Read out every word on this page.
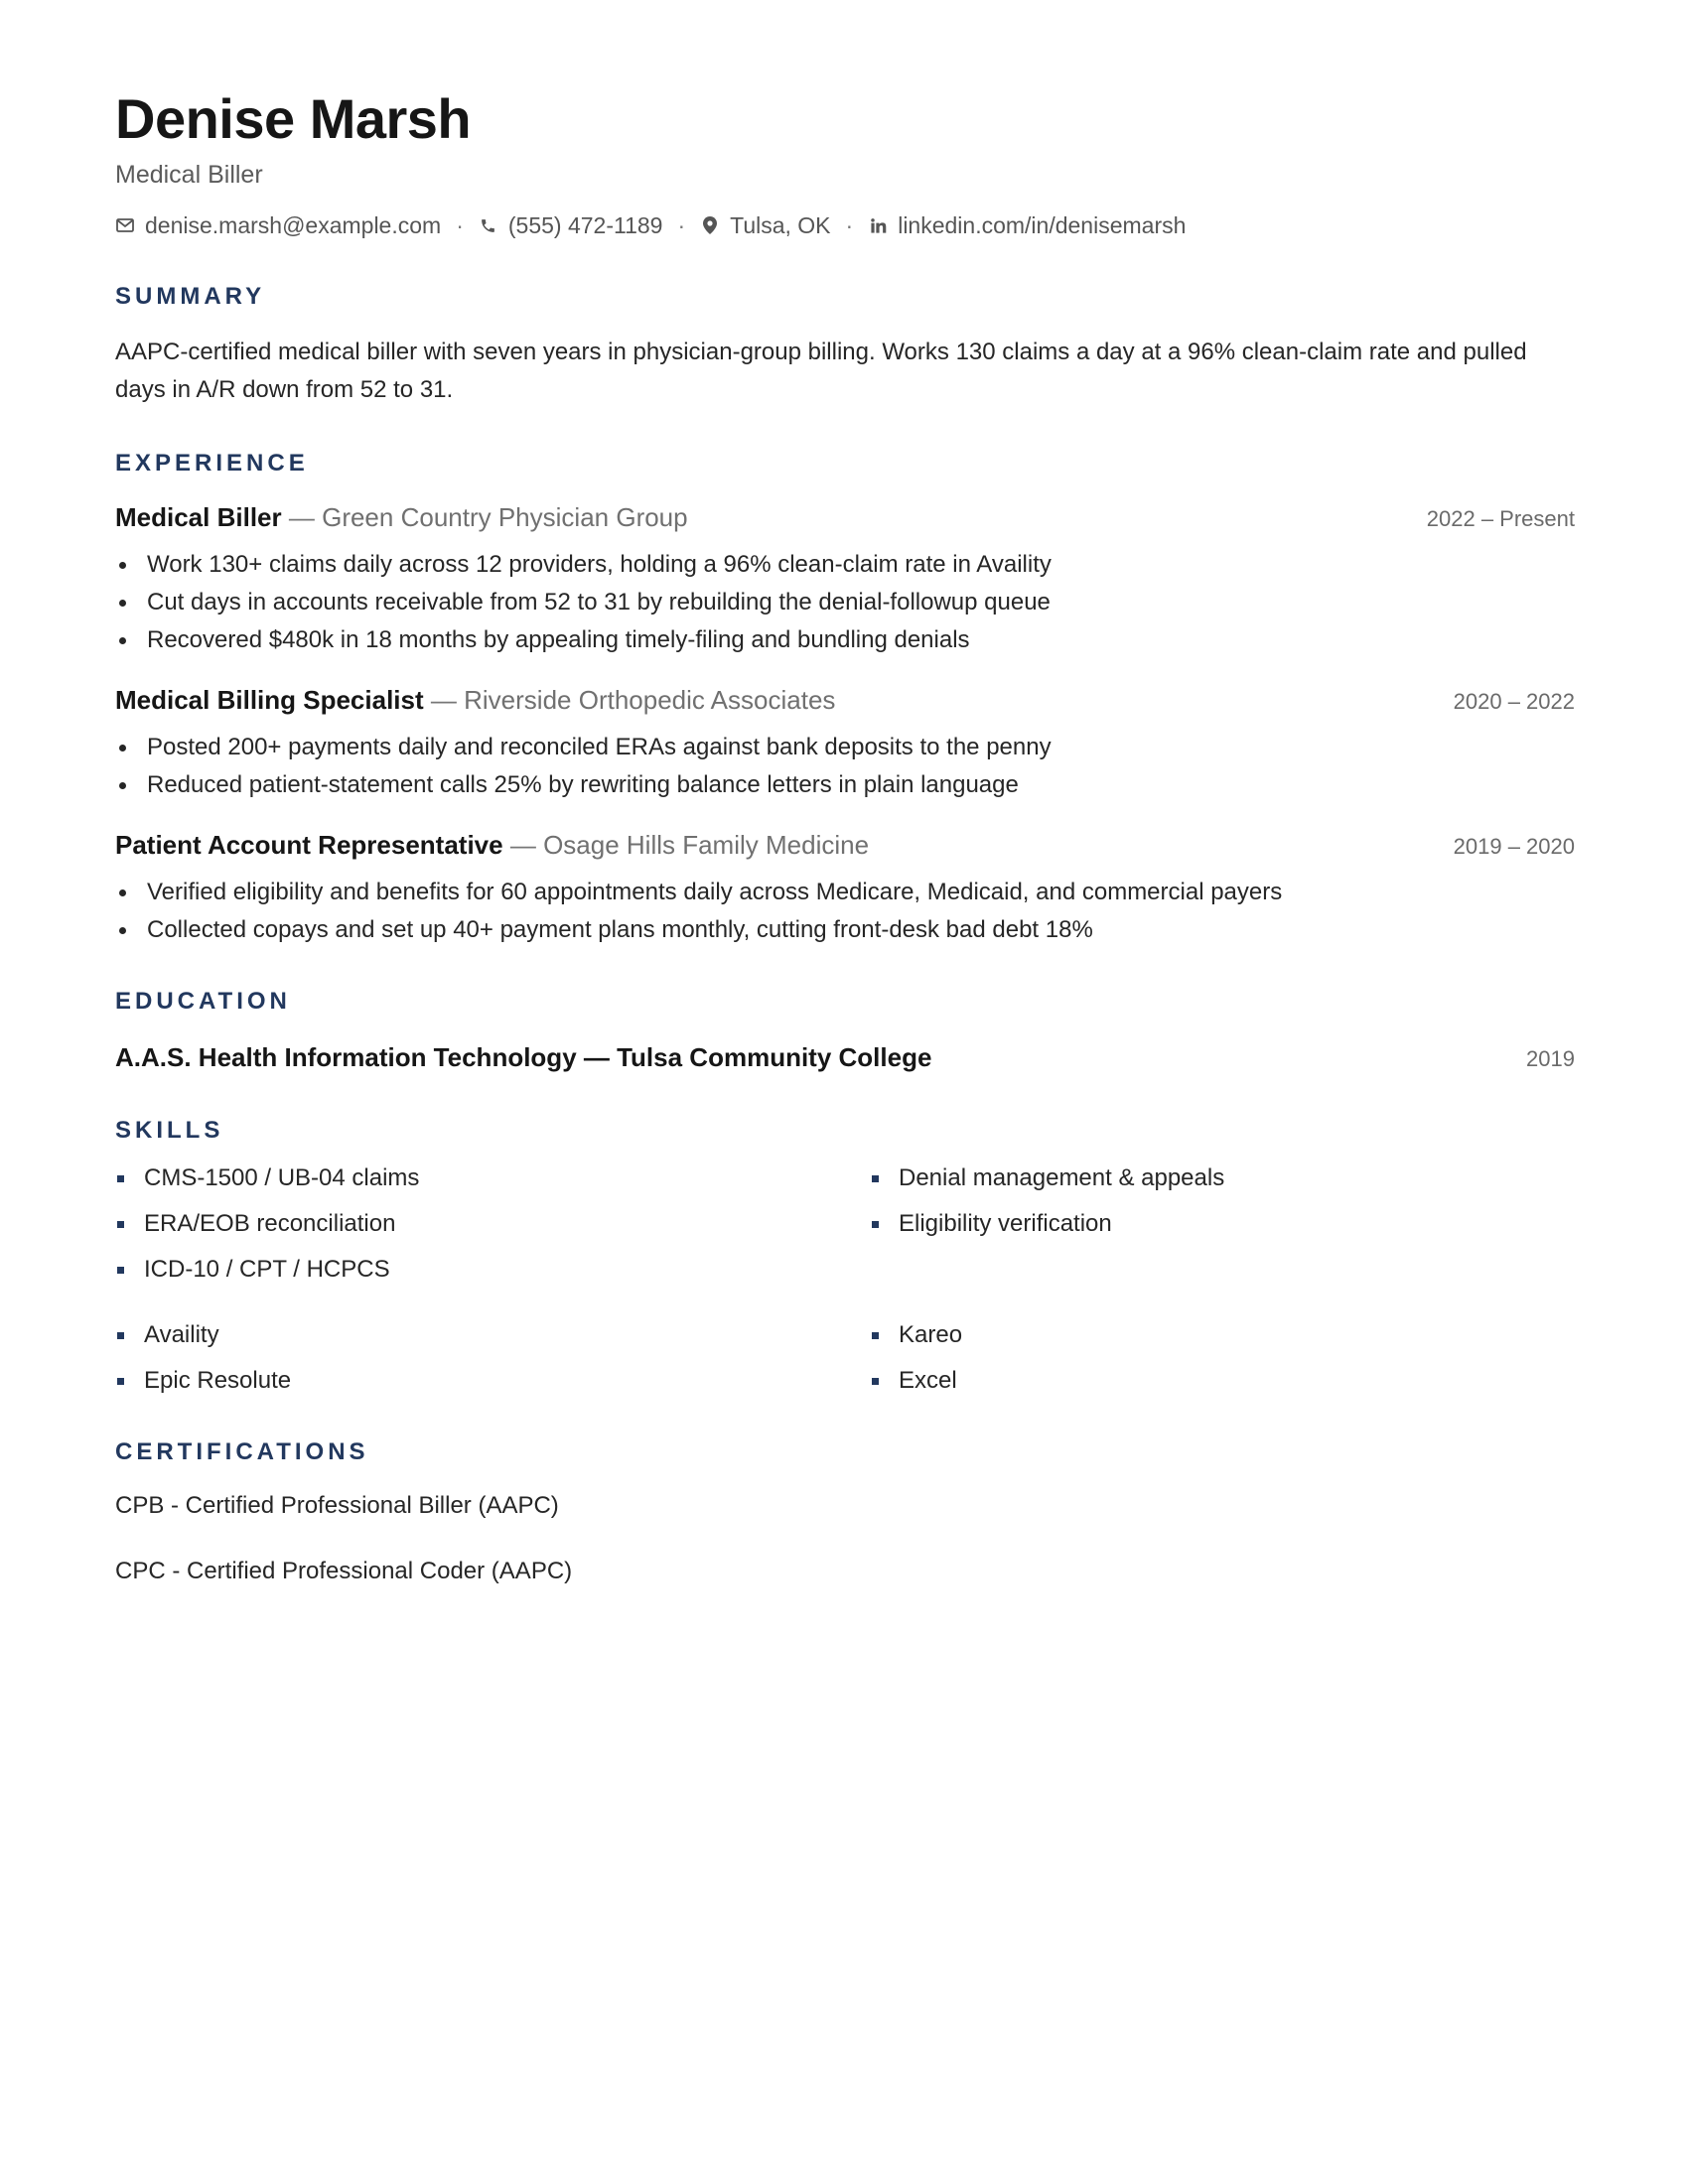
Denise Marsh
Medical Biller
denise.marsh@example.com · (555) 472-1189 · Tulsa, OK · linkedin.com/in/denisemarsh
SUMMARY
AAPC-certified medical biller with seven years in physician-group billing. Works 130 claims a day at a 96% clean-claim rate and pulled days in A/R down from 52 to 31.
EXPERIENCE
Medical Biller — Green Country Physician Group	2022 – Present
Work 130+ claims daily across 12 providers, holding a 96% clean-claim rate in Availity
Cut days in accounts receivable from 52 to 31 by rebuilding the denial-followup queue
Recovered $480k in 18 months by appealing timely-filing and bundling denials
Medical Billing Specialist — Riverside Orthopedic Associates	2020 – 2022
Posted 200+ payments daily and reconciled ERAs against bank deposits to the penny
Reduced patient-statement calls 25% by rewriting balance letters in plain language
Patient Account Representative — Osage Hills Family Medicine	2019 – 2020
Verified eligibility and benefits for 60 appointments daily across Medicare, Medicaid, and commercial payers
Collected copays and set up 40+ payment plans monthly, cutting front-desk bad debt 18%
EDUCATION
A.A.S. Health Information Technology — Tulsa Community College	2019
SKILLS
CMS-1500 / UB-04 claims
ERA/EOB reconciliation
ICD-10 / CPT / HCPCS
Denial management & appeals
Eligibility verification
Availity
Epic Resolute
Kareo
Excel
CERTIFICATIONS
CPB - Certified Professional Biller (AAPC)
CPC - Certified Professional Coder (AAPC)
